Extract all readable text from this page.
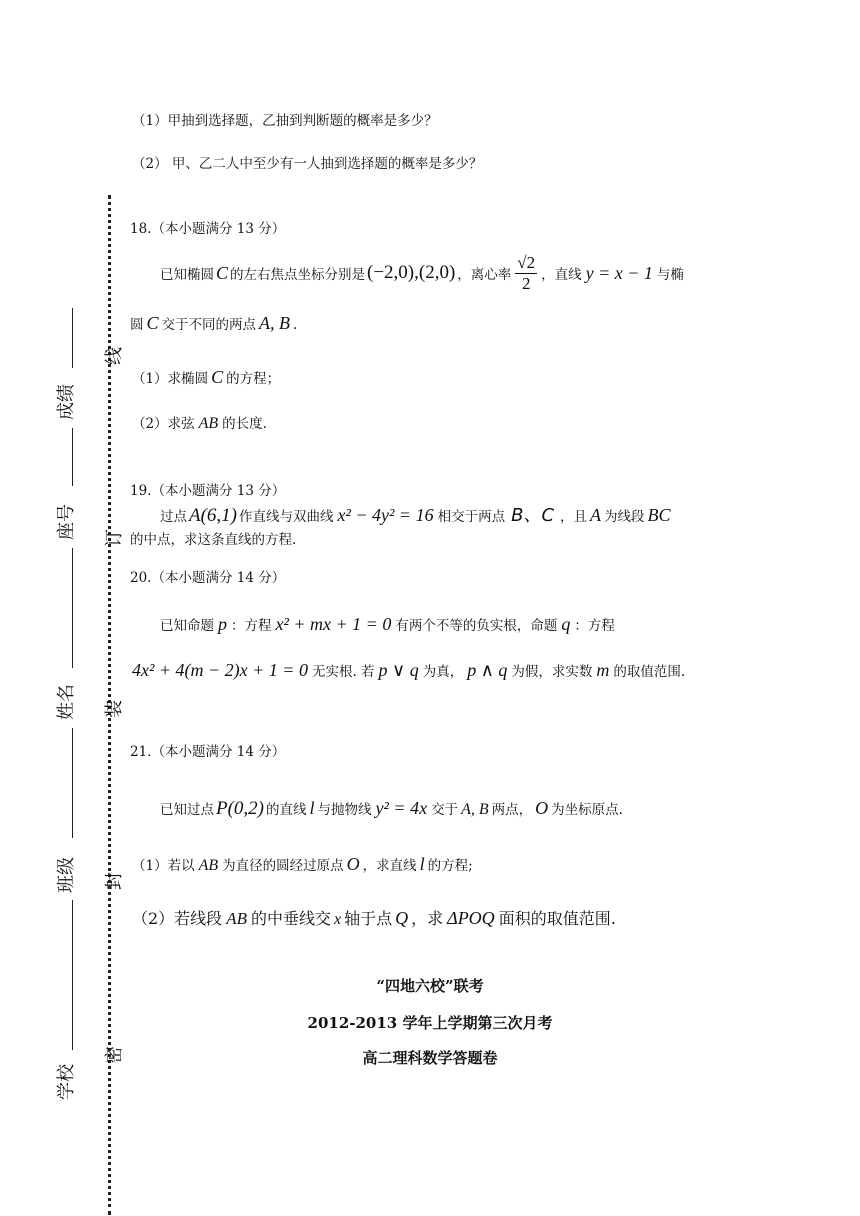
成绩
座号
姓名
班级
学校
线
订
装
封
密
（1）甲抽到选择题，乙抽到判断题的概率是多少？
（2） 甲、乙二人中至少有一人抽到选择题的概率是多少？
18.（本小题满分 13 分）
已知椭圆 C 的左右焦点坐标分别是 (−2,0),(2,0) ，离心率 $\frac{√2}{2}$ ，直线 y = x − 1 与椭
圆 C 交于不同的两点 A, B .
（1）求椭圆 C 的方程；
（2）求弦 AB 的长度.
19.（本小题满分 13 分）
过点 A(6,1) 作直线与双曲线 x² − 4y² = 16 相交于两点 B、C ，且 A 为线段 BC
的中点，求这条直线的方程.
20.（本小题满分 14 分）
已知命题 p ：方程 x² + mx + 1 = 0 有两个不等的负实根，命题 q ：方程
4x² + 4(m − 2)x + 1 = 0 无实根. 若 p ∨ q 为真， p ∧ q 为假，求实数 m 的取值范围.
21.（本小题满分 14 分）
已知过点 P(0,2) 的直线 l 与抛物线 y² = 4x 交于 A, B 两点， O 为坐标原点.
（1）若以 AB 为直径的圆经过原点 O ，求直线 l 的方程;
（2）若线段 AB 的中垂线交 x 轴于点 Q ，求 ΔPOQ 面积的取值范围.
“四地六校”联考
2012-2013 学年上学期第三次月考
高二理科数学答题卷
